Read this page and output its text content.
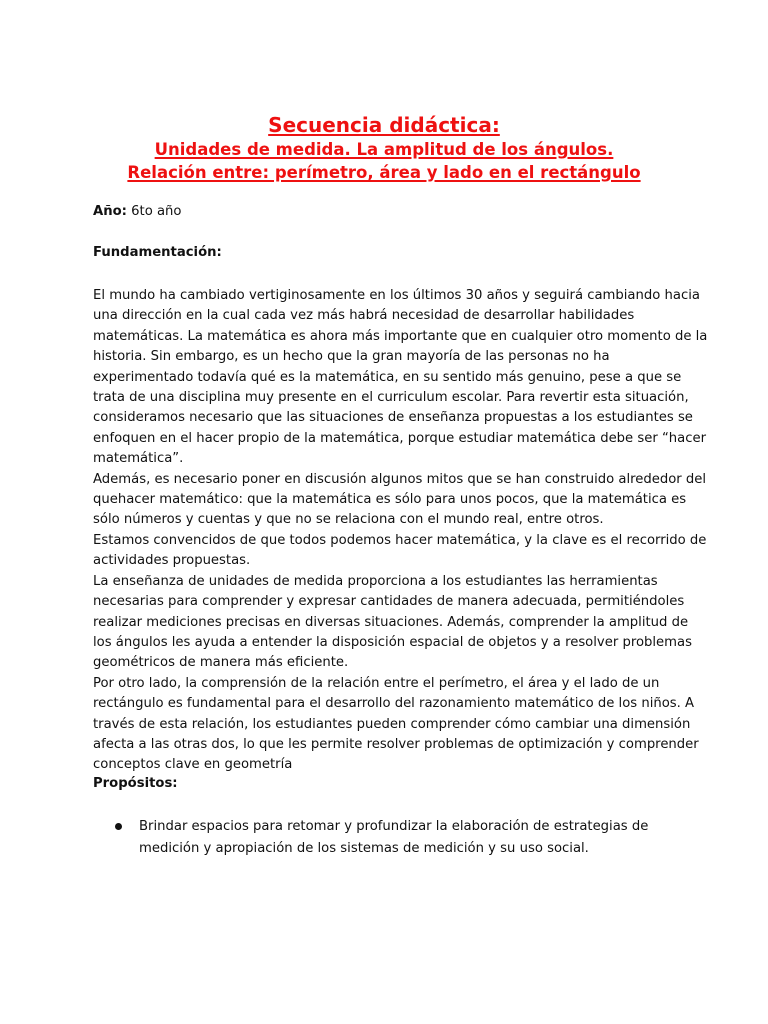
Secuencia didáctica:
Unidades de medida. La amplitud de los ángulos.
Relación entre: perímetro, área y lado en el rectángulo
Año: 6to año
Fundamentación:
El mundo ha cambiado vertiginosamente en los últimos 30 años y seguirá cambiando hacia
una dirección en la cual cada vez más habrá necesidad de desarrollar habilidades
matemáticas. La matemática es ahora más importante que en cualquier otro momento de la
historia. Sin embargo, es un hecho que la gran mayoría de las personas no ha
experimentado todavía qué es la matemática, en su sentido más genuino, pese a que se
trata de una disciplina muy presente en el curriculum escolar. Para revertir esta situación,
consideramos necesario que las situaciones de enseñanza propuestas a los estudiantes se
enfoquen en el hacer propio de la matemática, porque estudiar matemática debe ser “hacer
matemática”.
Además, es necesario poner en discusión algunos mitos que se han construido alrededor del
quehacer matemático: que la matemática es sólo para unos pocos, que la matemática es
sólo números y cuentas y que no se relaciona con el mundo real, entre otros.
Estamos convencidos de que todos podemos hacer matemática, y la clave es el recorrido de
actividades propuestas.
La enseñanza de unidades de medida proporciona a los estudiantes las herramientas
necesarias para comprender y expresar cantidades de manera adecuada, permitiéndoles
realizar mediciones precisas en diversas situaciones. Además, comprender la amplitud de
los ángulos les ayuda a entender la disposición espacial de objetos y a resolver problemas
geométricos de manera más eficiente.
Por otro lado, la comprensión de la relación entre el perímetro, el área y el lado de un
rectángulo es fundamental para el desarrollo del razonamiento matemático de los niños. A
través de esta relación, los estudiantes pueden comprender cómo cambiar una dimensión
afecta a las otras dos, lo que les permite resolver problemas de optimización y comprender
conceptos clave en geometría
Propósitos:
Brindar espacios para retomar y profundizar la elaboración de estrategias de
medición y apropiación de los sistemas de medición y su uso social.
